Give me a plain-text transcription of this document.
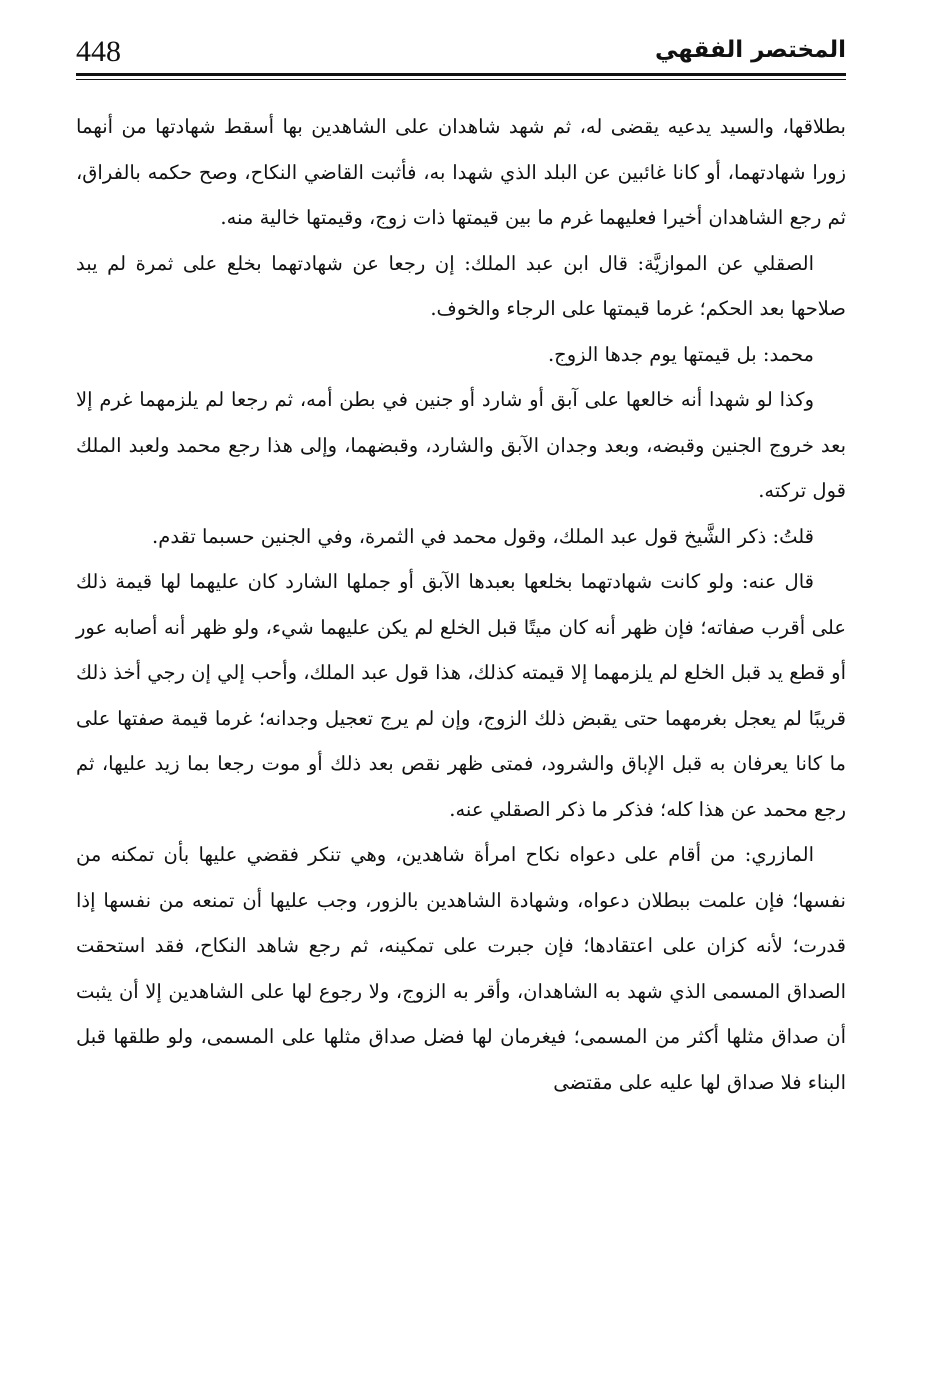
448	المختصر الفقهي

بطلاقها، والسيد يدعيه يقضى له، ثم شهد شاهدان على الشاهدين بها أسقط شهادتها من أنهما زورا شهادتهما، أو كانا غائبين عن البلد الذي شهدا به، فأثبت القاضي النكاح، وصح حكمه بالفراق، ثم رجع الشاهدان أخيرا فعليهما غرم ما بين قيمتها ذات زوج، وقيمتها خالية منه.

الصقلي عن الموازيَّة: قال ابن عبد الملك: إن رجعا عن شهادتهما بخلع على ثمرة لم يبد صلاحها بعد الحكم؛ غرما قيمتها على الرجاء والخوف.

محمد: بل قيمتها يوم جدها الزوج.

وكذا لو شهدا أنه خالعها على آبق أو شارد أو جنين في بطن أمه، ثم رجعا لم يلزمهما غرم إلا بعد خروج الجنين وقبضه، وبعد وجدان الآبق والشارد، وقبضهما، وإلى هذا رجع محمد ولعبد الملك قول تركته.

قلتُ: ذكر الشَّيخ قول عبد الملك، وقول محمد في الثمرة، وفي الجنين حسبما تقدم.

قال عنه: ولو كانت شهادتهما بخلعها بعبدها الآبق أو جملها الشارد كان عليهما لها قيمة ذلك على أقرب صفاته؛ فإن ظهر أنه كان ميتًا قبل الخلع لم يكن عليهما شيء، ولو ظهر أنه أصابه عور أو قطع يد قبل الخلع لم يلزمهما إلا قيمته كذلك، هذا قول عبد الملك، وأحب إلي إن رجي أخذ ذلك قريبًا لم يعجل بغرمهما حتى يقبض ذلك الزوج، وإن لم يرج تعجيل وجدانه؛ غرما قيمة صفتها على ما كانا يعرفان به قبل الإباق والشرود، فمتى ظهر نقص بعد ذلك أو موت رجعا بما زيد عليها، ثم رجع محمد عن هذا كله؛ فذكر ما ذكر الصقلي عنه.

المازري: من أقام على دعواه نكاح امرأة شاهدين، وهي تنكر فقضي عليها بأن تمكنه من نفسها؛ فإن علمت ببطلان دعواه، وشهادة الشاهدين بالزور، وجب عليها أن تمنعه من نفسها إذا قدرت؛ لأنه كزان على اعتقادها؛ فإن جبرت على تمكينه، ثم رجع شاهد النكاح، فقد استحقت الصداق المسمى الذي شهد به الشاهدان، وأقر به الزوج، ولا رجوع لها على الشاهدين إلا أن يثبت أن صداق مثلها أكثر من المسمى؛ فيغرمان لها فضل صداق مثلها على المسمى، ولو طلقها قبل البناء فلا صداق لها عليه على مقتضى
